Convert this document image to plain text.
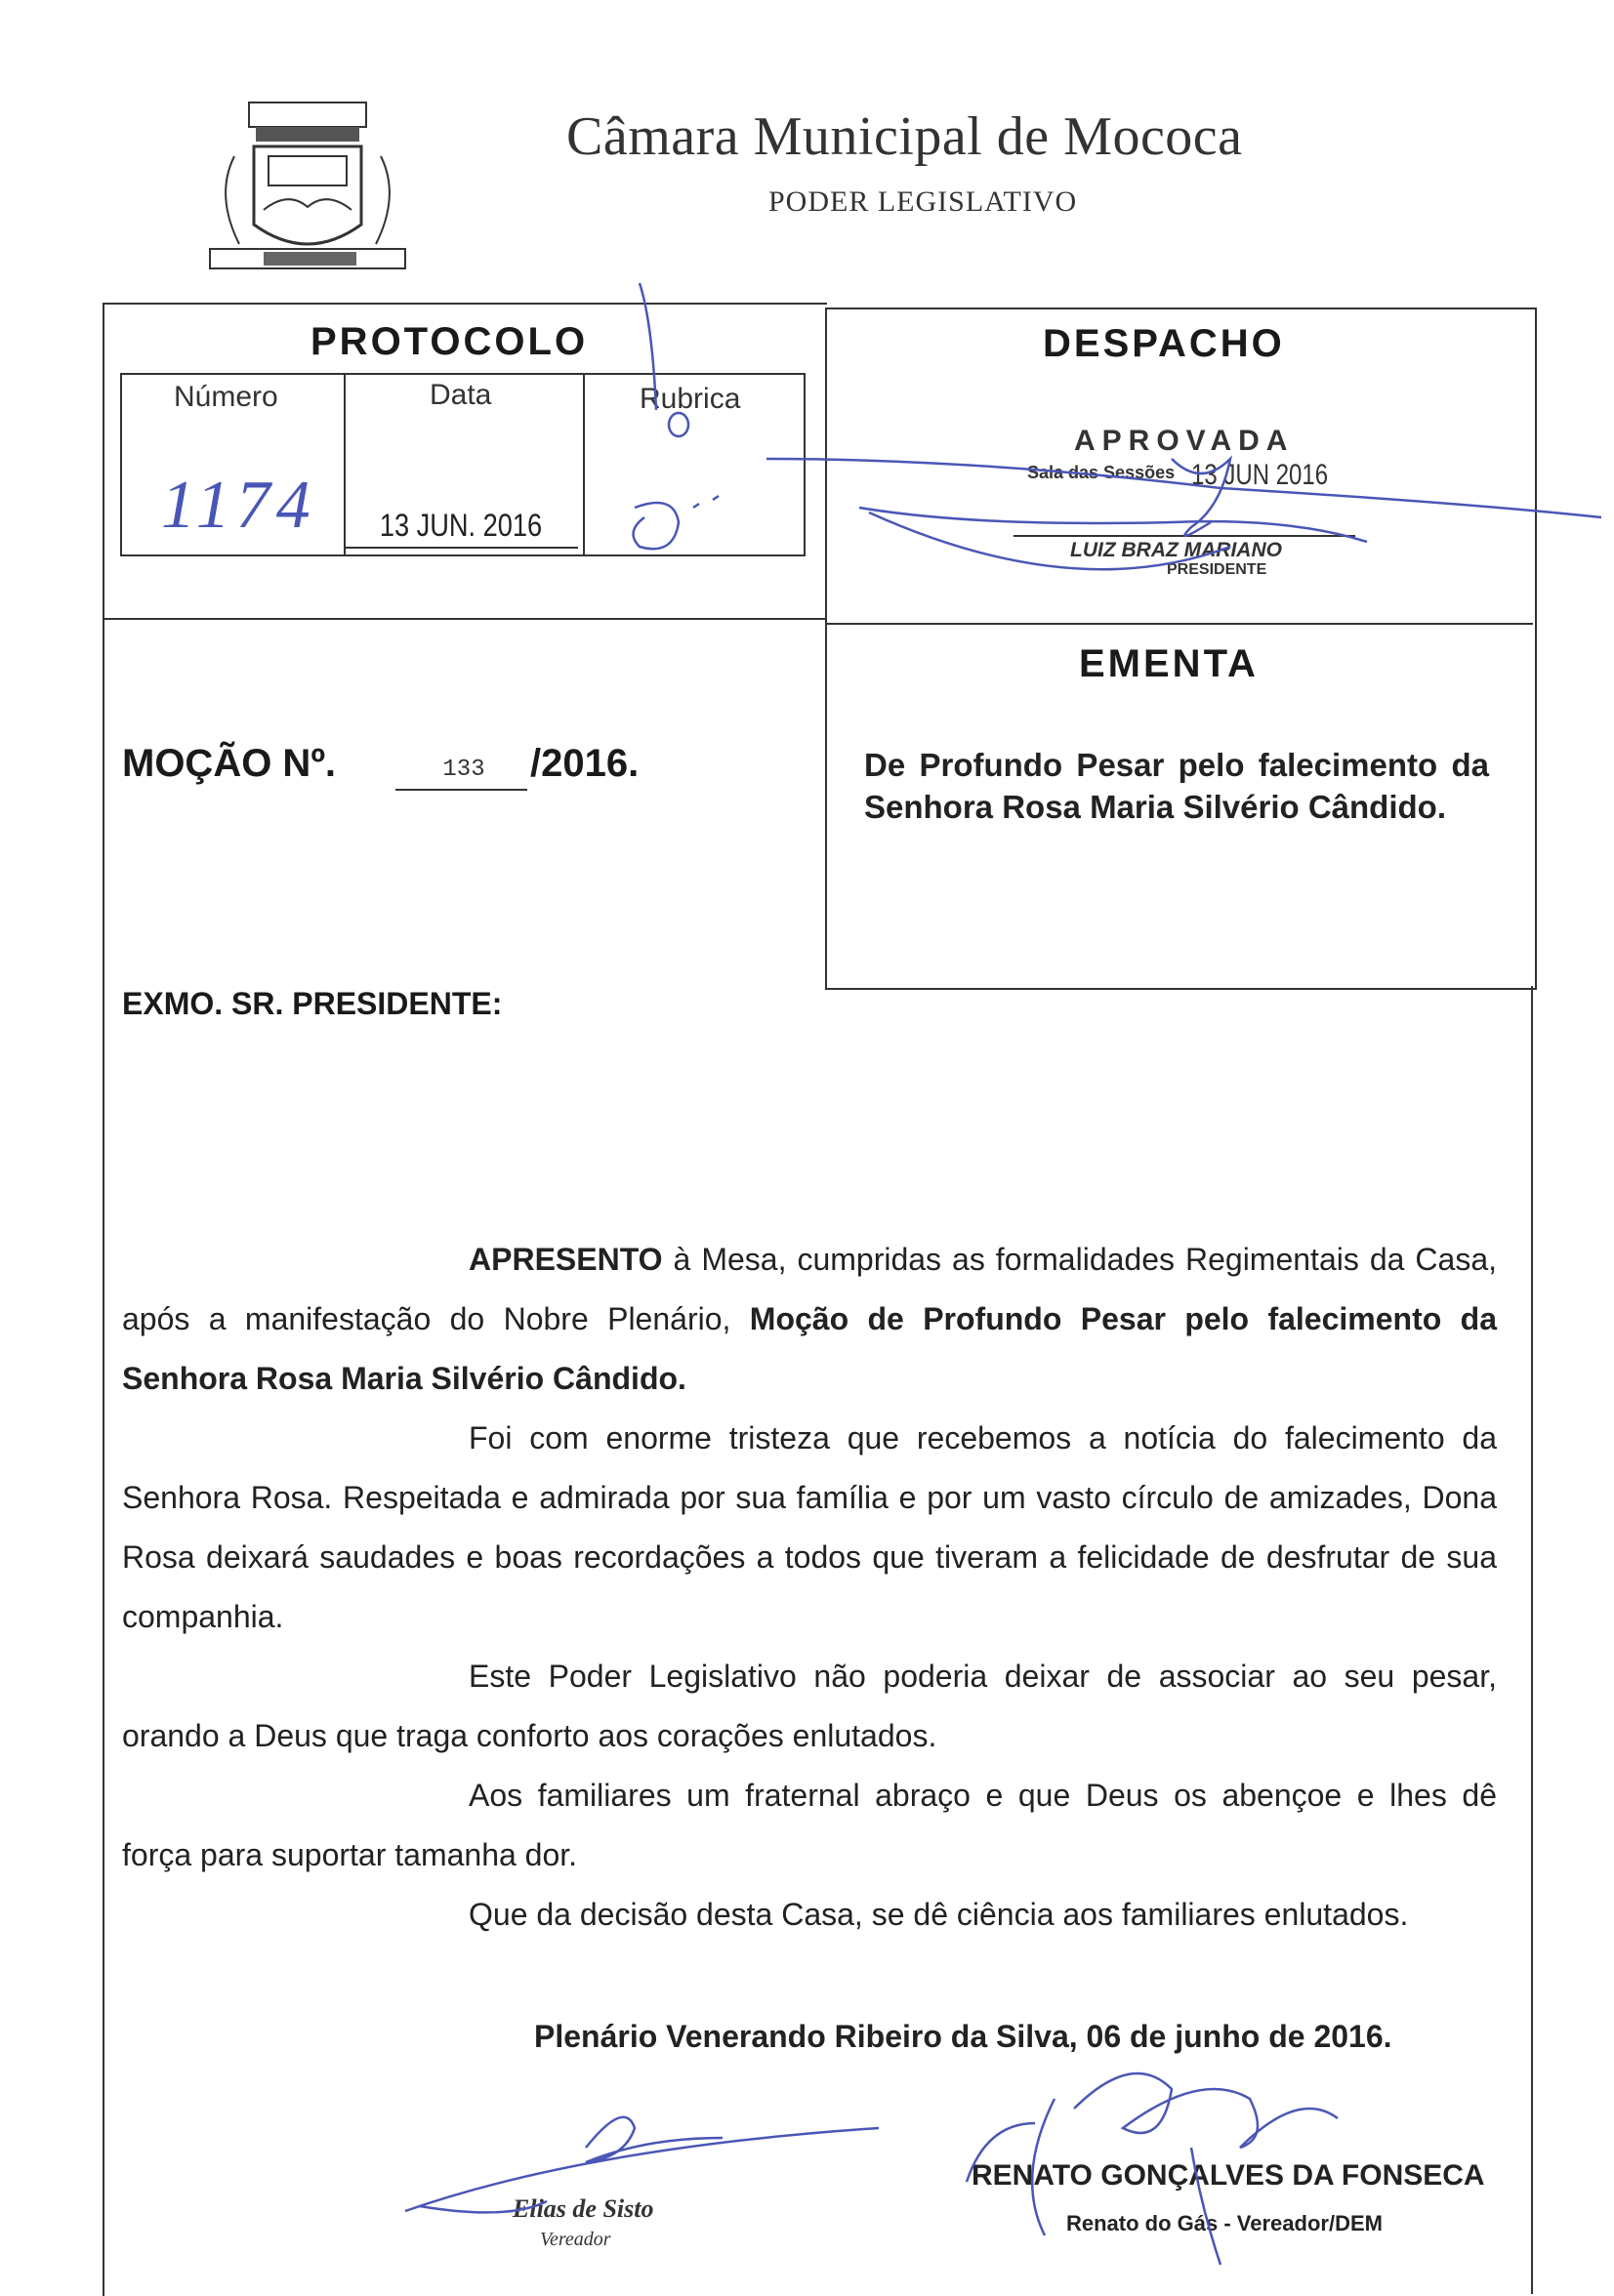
Câmara Municipal de Mococa
PODER LEGISLATIVO
PROTOCOLO
Número	Data	Rubrica
1174	13 JUN. 2016
DESPACHO
APROVADA
Sala das Sessões 13 JUN 2016
LUIZ BRAZ MARIANO
PRESIDENTE
EMENTA
De Profundo Pesar pelo falecimento da Senhora Rosa Maria Silvério Cândido.
MOÇÃO Nº.	133	/2016.
EXMO. SR. PRESIDENTE:

APRESENTO à Mesa, cumpridas as formalidades Regimentais da Casa, após a manifestação do Nobre Plenário, Moção de Profundo Pesar pelo falecimento da Senhora Rosa Maria Silvério Cândido.

Foi com enorme tristeza que recebemos a notícia do falecimento da Senhora Rosa. Respeitada e admirada por sua família e por um vasto círculo de amizades, Dona Rosa deixará saudades e boas recordações a todos que tiveram a felicidade de desfrutar de sua companhia.

Este Poder Legislativo não poderia deixar de associar ao seu pesar, orando a Deus que traga conforto aos corações enlutados.

Aos familiares um fraternal abraço e que Deus os abençoe e lhes dê força para suportar tamanha dor.

Que da decisão desta Casa, se dê ciência aos familiares enlutados.

Plenário Venerando Ribeiro da Silva, 06 de junho de 2016.
Elias de Sisto
Vereador
RENATO GONÇALVES DA FONSECA
Renato do Gás - Vereador/DEM
